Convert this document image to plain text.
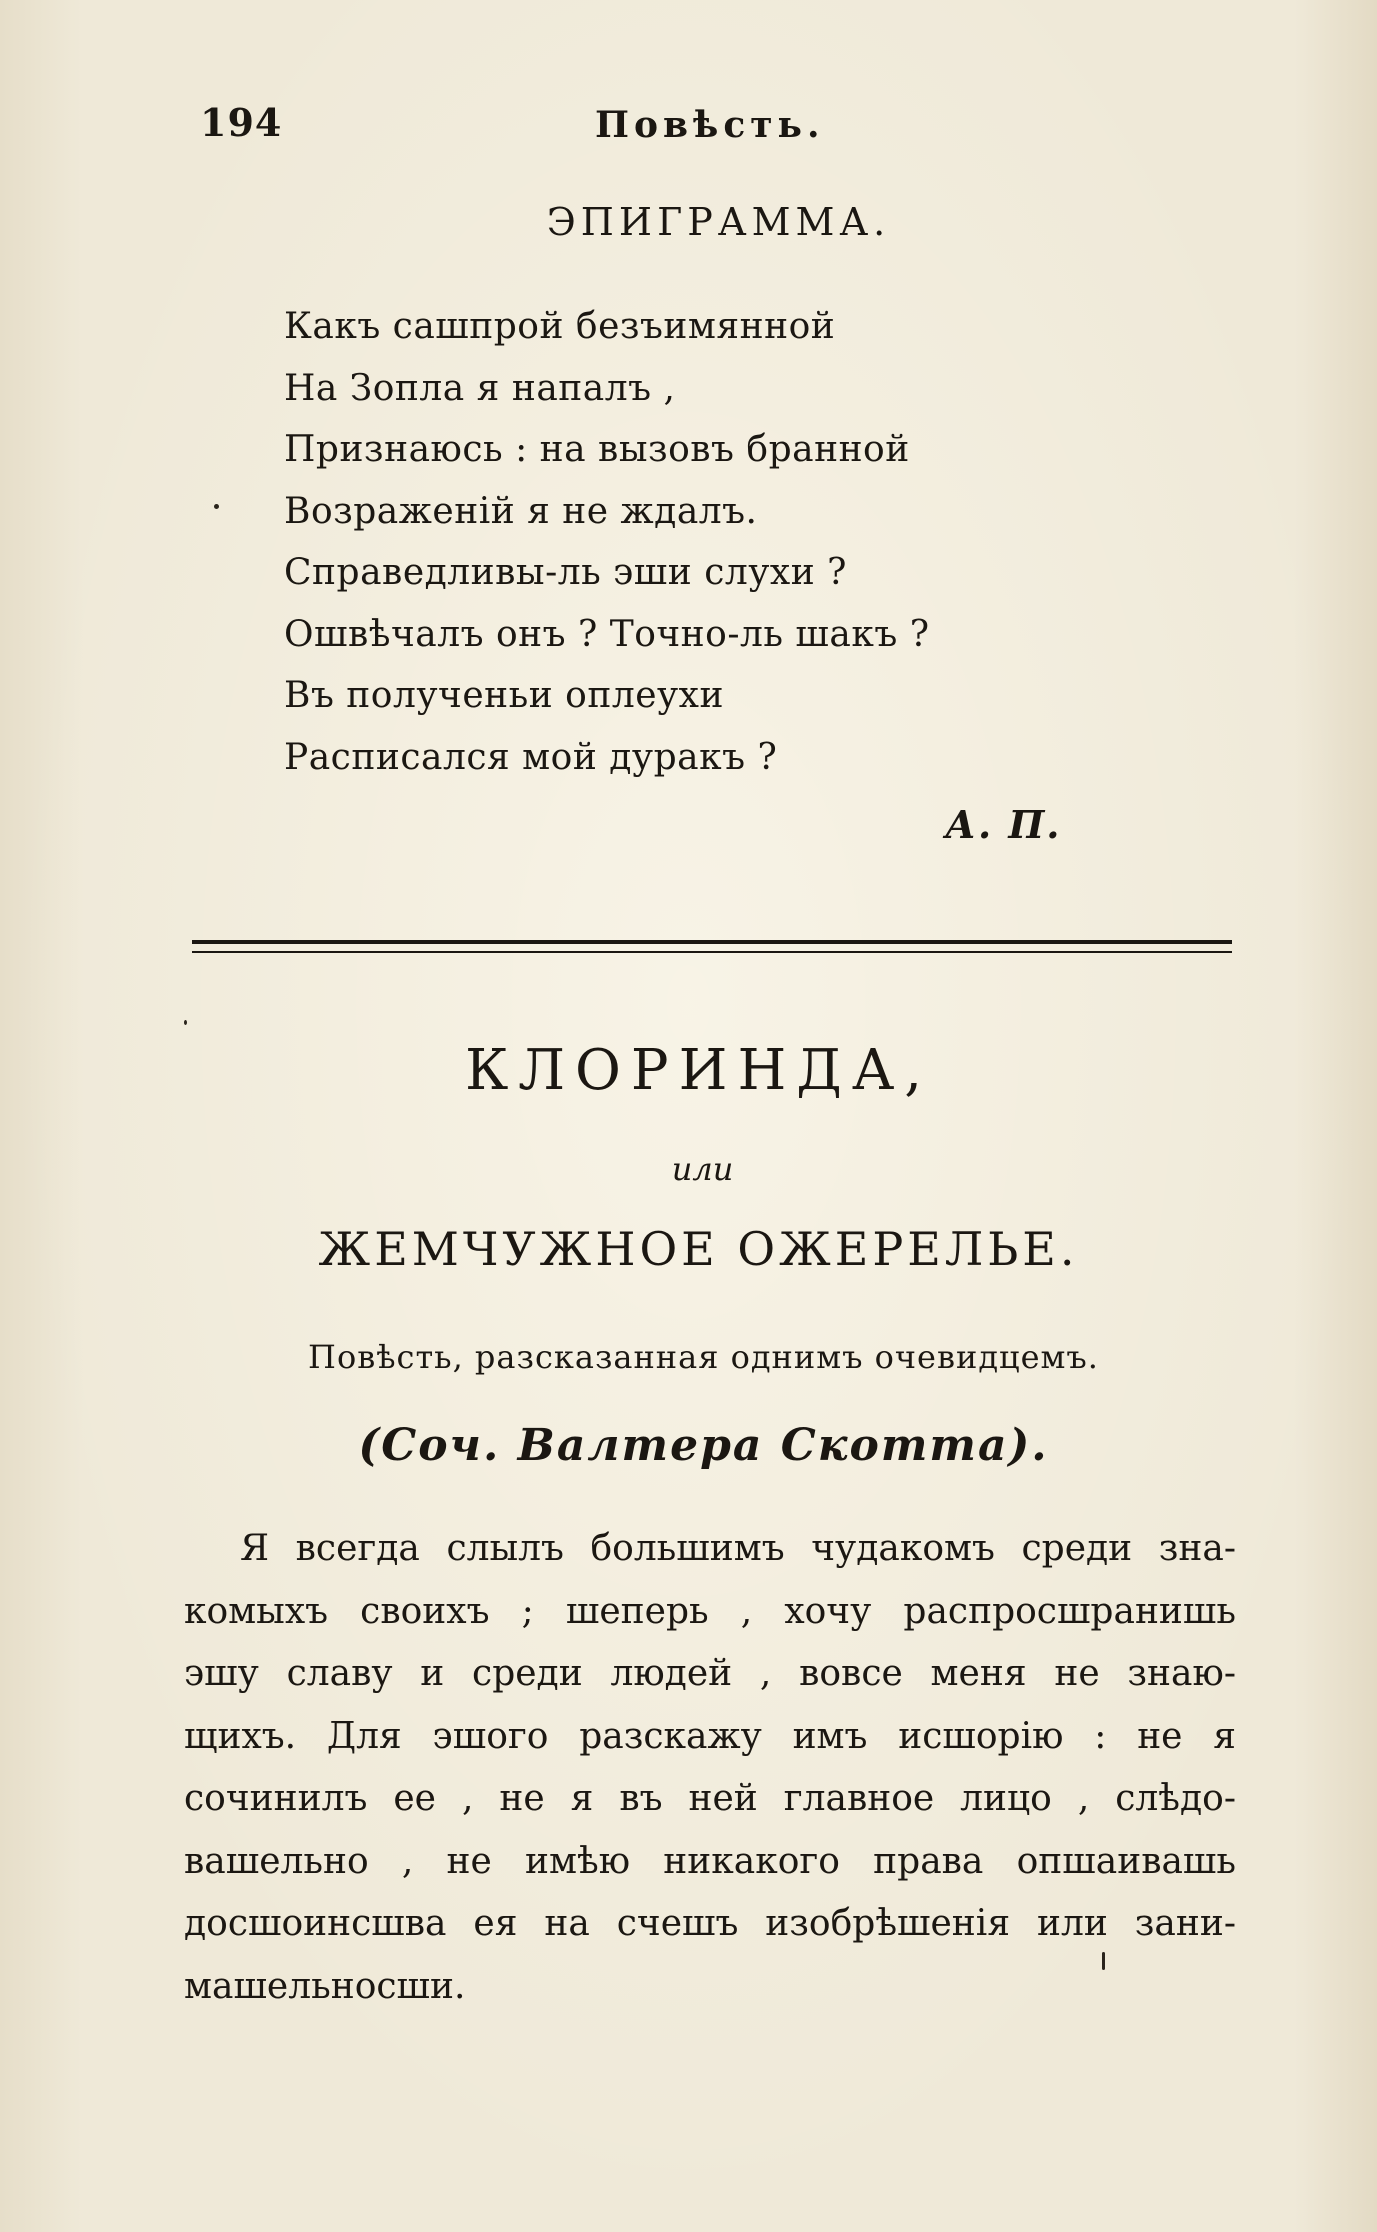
194	Повѣсть.
ЭПИГРАММА.
Какъ сашпрой безъимянной
На Зопла я напалъ ,
Признаюсь : на вызовъ бранной
Возраженій я не ждалъ.
Справедливы-ль эши слухи ?
Ошвѣчалъ онъ ? Точно-ль шакъ ?
Въ полученьи оплеухи
Расписался мой дуракъ ?
А. П.
КЛОРИНДА,
или
ЖЕМЧУЖНОЕ ОЖЕРЕЛЬЕ.
Повѣсть, разсказанная однимъ очевидцемъ.
(Соч. Валтера Скотта).
Я всегда слылъ большимъ чудакомъ среди зна-
комыхъ своихъ ; шеперь , хочу распросшранишь
эшу славу и среди людей , вовсе меня не знаю-
щихъ. Для эшого разскажу имъ исшорію : не я
сочинилъ ее , не я въ ней главное лицо , слѣдо-
вашельно , не имѣю никакого права опшаивашь
досшоинсшва ея на счешъ изобрѣшенія или зани-
машельносши.
